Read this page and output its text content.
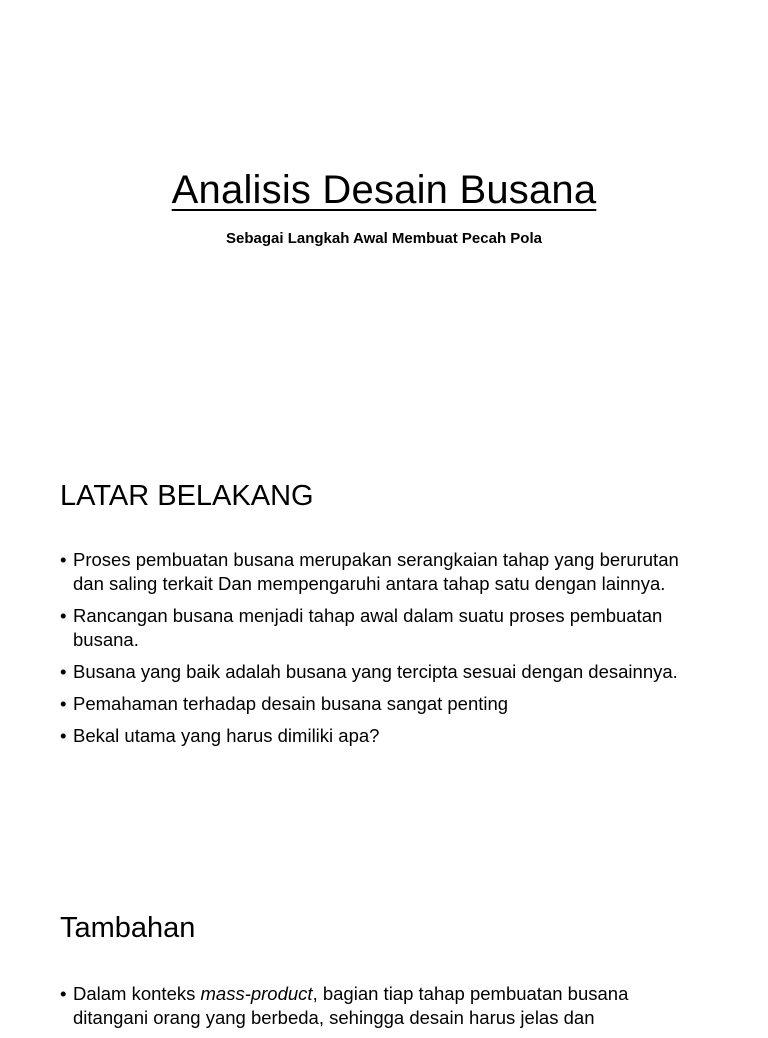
Analisis Desain Busana

Sebagai Langkah Awal Membuat Pecah Pola

LATAR BELAKANG
• Proses pembuatan busana merupakan serangkaian tahap yang berurutan dan saling terkait Dan mempengaruhi antara tahap satu dengan lainnya.
• Rancangan busana menjadi tahap awal dalam suatu proses pembuatan busana.
• Busana yang baik adalah busana yang tercipta sesuai dengan desainnya.
• Pemahaman terhadap desain busana sangat penting
• Bekal utama yang harus dimiliki apa?
Tambahan
• Dalam konteks mass-product, bagian tiap tahap pembuatan busana ditangani orang yang berbeda, sehingga desain harus jelas dan
